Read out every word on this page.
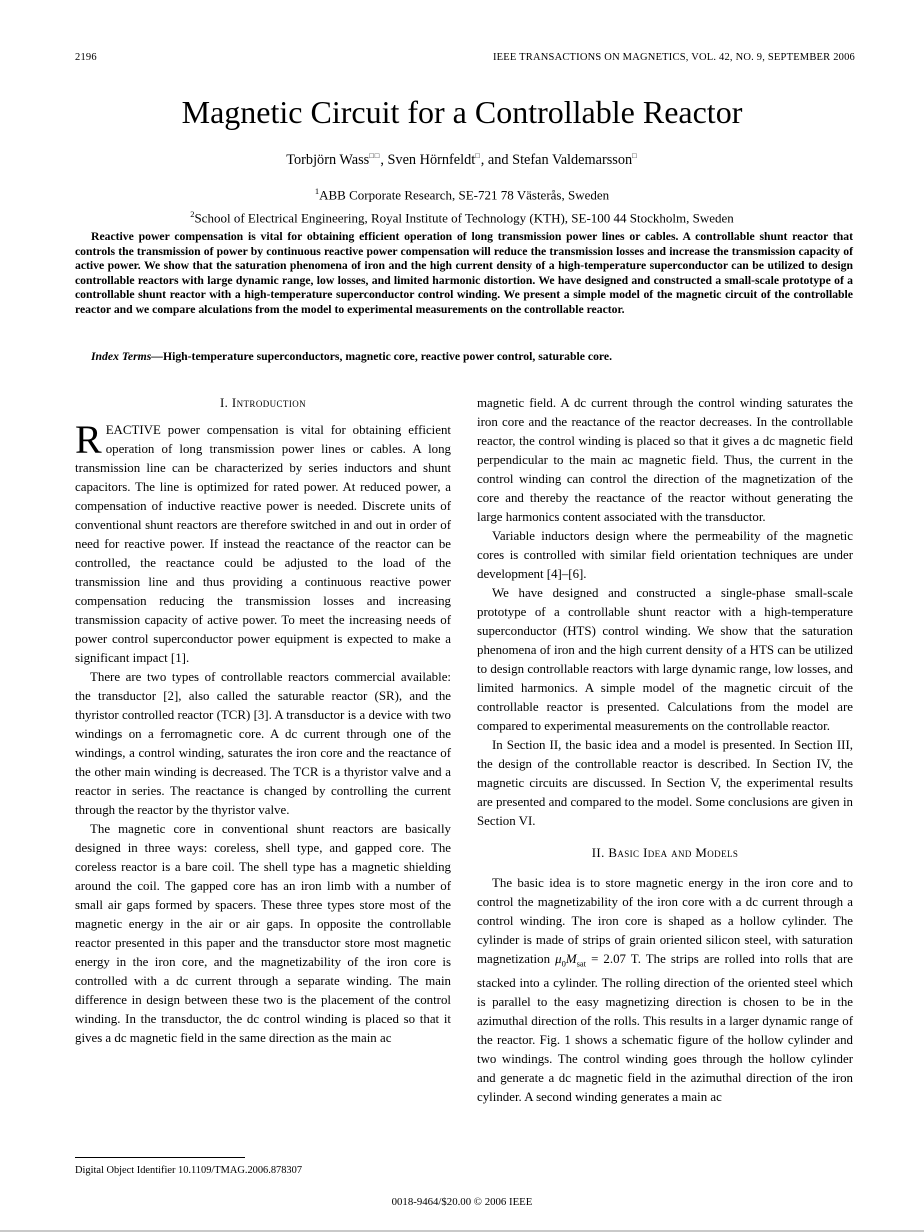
2196	IEEE TRANSACTIONS ON MAGNETICS, VOL. 42, NO. 9, SEPTEMBER 2006
Magnetic Circuit for a Controllable Reactor
Torbjörn Wass□□, Sven Hörnfeldt□, and Stefan Valdemarsson□
$^1$ABB Corporate Research, SE-721 78 Västerås, Sweden
$^2$School of Electrical Engineering, Royal Institute of Technology (KTH), SE-100 44 Stockholm, Sweden

Reactive power compensation is vital for obtaining efficient operation of long transmission power lines or cables. A controllable shunt reactor that controls the transmission of power by continuous reactive power compensation will reduce the transmission losses and increase the transmission capacity of active power. We show that the saturation phenomena of iron and the high current density of a high-temperature superconductor can be utilized to design controllable reactors with large dynamic range, low losses, and limited harmonic distortion. We have designed and constructed a small-scale prototype of a controllable shunt reactor with a high-temperature superconductor control winding. We present a simple model of the magnetic circuit of the controllable reactor and we compare alculations from the model to experimental measurements on the controllable reactor.

Index Terms—High-temperature superconductors, magnetic core, reactive power control, saturable core.

I. Introduction

REACTIVE power compensation is vital for obtaining efficient operation of long transmission power lines or cables. A long transmission line can be characterized by series inductors and shunt capacitors. The line is optimized for rated power. At reduced power, a compensation of inductive reactive power is needed. Discrete units of conventional shunt reactors are therefore switched in and out in order of need for reactive power. If instead the reactance of the reactor can be controlled, the reactance could be adjusted to the load of the transmission line and thus providing a continuous reactive power compensation reducing the transmission losses and increasing transmission capacity of active power. To meet the increasing needs of power control superconductor power equipment is expected to make a significant impact [1].

There are two types of controllable reactors commercial available: the transductor [2], also called the saturable reactor (SR), and the thyristor controlled reactor (TCR) [3]. A transductor is a device with two windings on a ferromagnetic core. A dc current through one of the windings, a control winding, saturates the iron core and the reactance of the other main winding is decreased. The TCR is a thyristor valve and a reactor in series. The reactance is changed by controlling the current through the reactor by the thyristor valve.

The magnetic core in conventional shunt reactors are basically designed in three ways: coreless, shell type, and gapped core. The coreless reactor is a bare coil. The shell type has a magnetic shielding around the coil. The gapped core has an iron limb with a number of small air gaps formed by spacers. These three types store most of the magnetic energy in the air or air gaps. In opposite the controllable reactor presented in this paper and the transductor store most magnetic energy in the iron core, and the magnetizability of the iron core is controlled with a dc current through a separate winding. The main difference in design between these two is the placement of the control winding. In the transductor, the dc control winding is placed so that it gives a dc magnetic field in the same direction as the main ac

magnetic field. A dc current through the control winding saturates the iron core and the reactance of the reactor decreases. In the controllable reactor, the control winding is placed so that it gives a dc magnetic field perpendicular to the main ac magnetic field. Thus, the current in the control winding can control the direction of the magnetization of the core and thereby the reactance of the reactor without generating the large harmonics content associated with the transductor.

Variable inductors design where the permeability of the magnetic cores is controlled with similar field orientation techniques are under development [4]–[6].

We have designed and constructed a single-phase small-scale prototype of a controllable shunt reactor with a high-temperature superconductor (HTS) control winding. We show that the saturation phenomena of iron and the high current density of a HTS can be utilized to design controllable reactors with large dynamic range, low losses, and limited harmonics. A simple model of the magnetic circuit of the controllable reactor is presented. Calculations from the model are compared to experimental measurements on the controllable reactor.

In Section II, the basic idea and a model is presented. In Section III, the design of the controllable reactor is described. In Section IV, the magnetic circuits are discussed. In Section V, the experimental results are presented and compared to the model. Some conclusions are given in Section VI.

II. Basic Idea and Models

The basic idea is to store magnetic energy in the iron core and to control the magnetizability of the iron core with a dc current through a control winding. The iron core is shaped as a hollow cylinder. The cylinder is made of strips of grain oriented silicon steel, with saturation magnetization $\mu_0M_{sat} = 2.07$ T. The strips are rolled into rolls that are stacked into a cylinder. The rolling direction of the oriented steel which is parallel to the easy magnetizing direction is chosen to be in the azimuthal direction of the rolls. This results in a larger dynamic range of the reactor. Fig. 1 shows a schematic figure of the hollow cylinder and two windings. The control winding goes through the hollow cylinder and generate a dc magnetic field in the azimuthal direction of the iron cylinder. A second winding generates a main ac

Digital Object Identifier 10.1109/TMAG.2006.878307
0018-9464/$20.00 © 2006 IEEE
